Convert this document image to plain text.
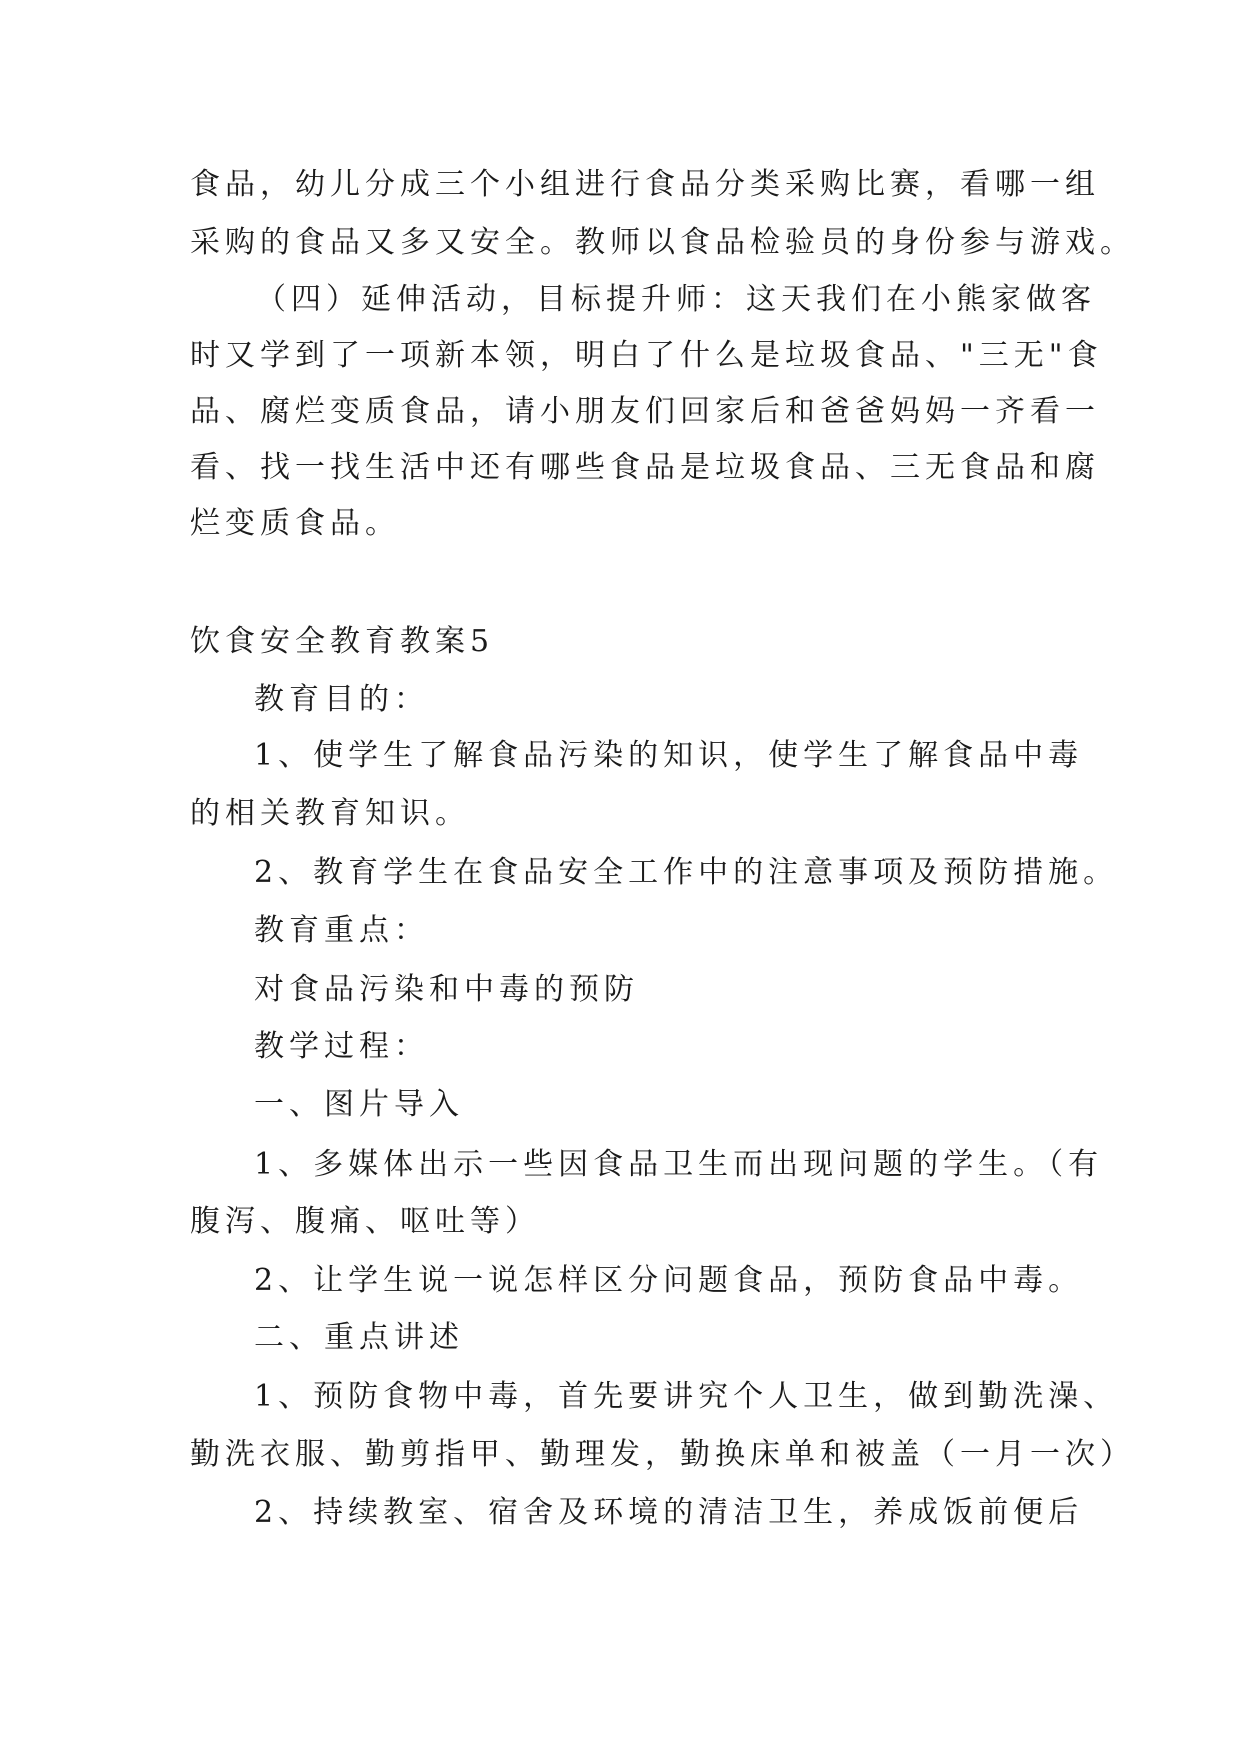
食品，幼儿分成三个小组进行食品分类采购比赛，看哪一组
采购的食品又多又安全。教师以食品检验员的身份参与游戏。
（四）延伸活动，目标提升师：这天我们在小熊家做客
时又学到了一项新本领，明白了什么是垃圾食品、"三无"食
品、腐烂变质食品，请小朋友们回家后和爸爸妈妈一齐看一
看、找一找生活中还有哪些食品是垃圾食品、三无食品和腐
烂变质食品。
饮食安全教育教案5
教育目的：
1、使学生了解食品污染的知识，使学生了解食品中毒
的相关教育知识。
2、教育学生在食品安全工作中的注意事项及预防措施。
教育重点：
对食品污染和中毒的预防
教学过程：
一、图片导入
1、多媒体出示一些因食品卫生而出现问题的学生。（有
腹泻、腹痛、呕吐等）
2、让学生说一说怎样区分问题食品，预防食品中毒。
二、重点讲述
1、预防食物中毒，首先要讲究个人卫生，做到勤洗澡、
勤洗衣服、勤剪指甲、勤理发，勤换床单和被盖（一月一次）
2、持续教室、宿舍及环境的清洁卫生，养成饭前便后
